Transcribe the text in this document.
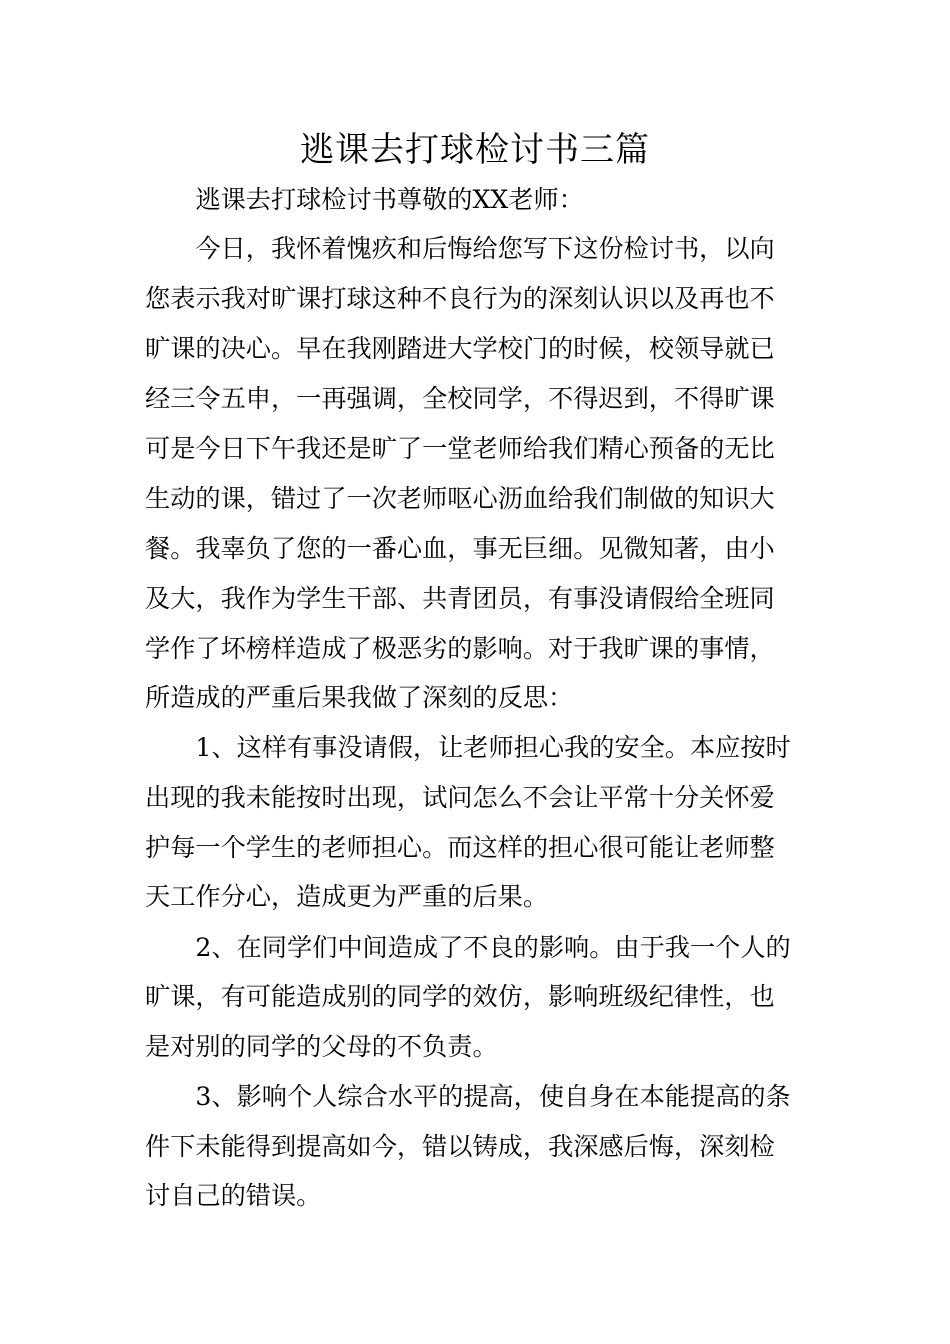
逃课去打球检讨书三篇
　　逃课去打球检讨书尊敬的XX老师：
　　今日，我怀着愧疚和后悔给您写下这份检讨书，以向
您表示我对旷课打球这种不良行为的深刻认识以及再也不
旷课的决心。早在我刚踏进大学校门的时候，校领导就已
经三令五申，一再强调，全校同学，不得迟到，不得旷课
可是今日下午我还是旷了一堂老师给我们精心预备的无比
生动的课，错过了一次老师呕心沥血给我们制做的知识大
餐。我辜负了您的一番心血，事无巨细。见微知著，由小
及大，我作为学生干部、共青团员，有事没请假给全班同
学作了坏榜样造成了极恶劣的影响。对于我旷课的事情，
所造成的严重后果我做了深刻的反思：
　　1、这样有事没请假，让老师担心我的安全。本应按时
出现的我未能按时出现，试问怎么不会让平常十分关怀爱
护每一个学生的老师担心。而这样的担心很可能让老师整
天工作分心，造成更为严重的后果。
　　2、在同学们中间造成了不良的影响。由于我一个人的
旷课，有可能造成别的同学的效仿，影响班级纪律性，也
是对别的同学的父母的不负责。
　　3、影响个人综合水平的提高，使自身在本能提高的条
件下未能得到提高如今，错以铸成，我深感后悔，深刻检
讨自己的错误。
